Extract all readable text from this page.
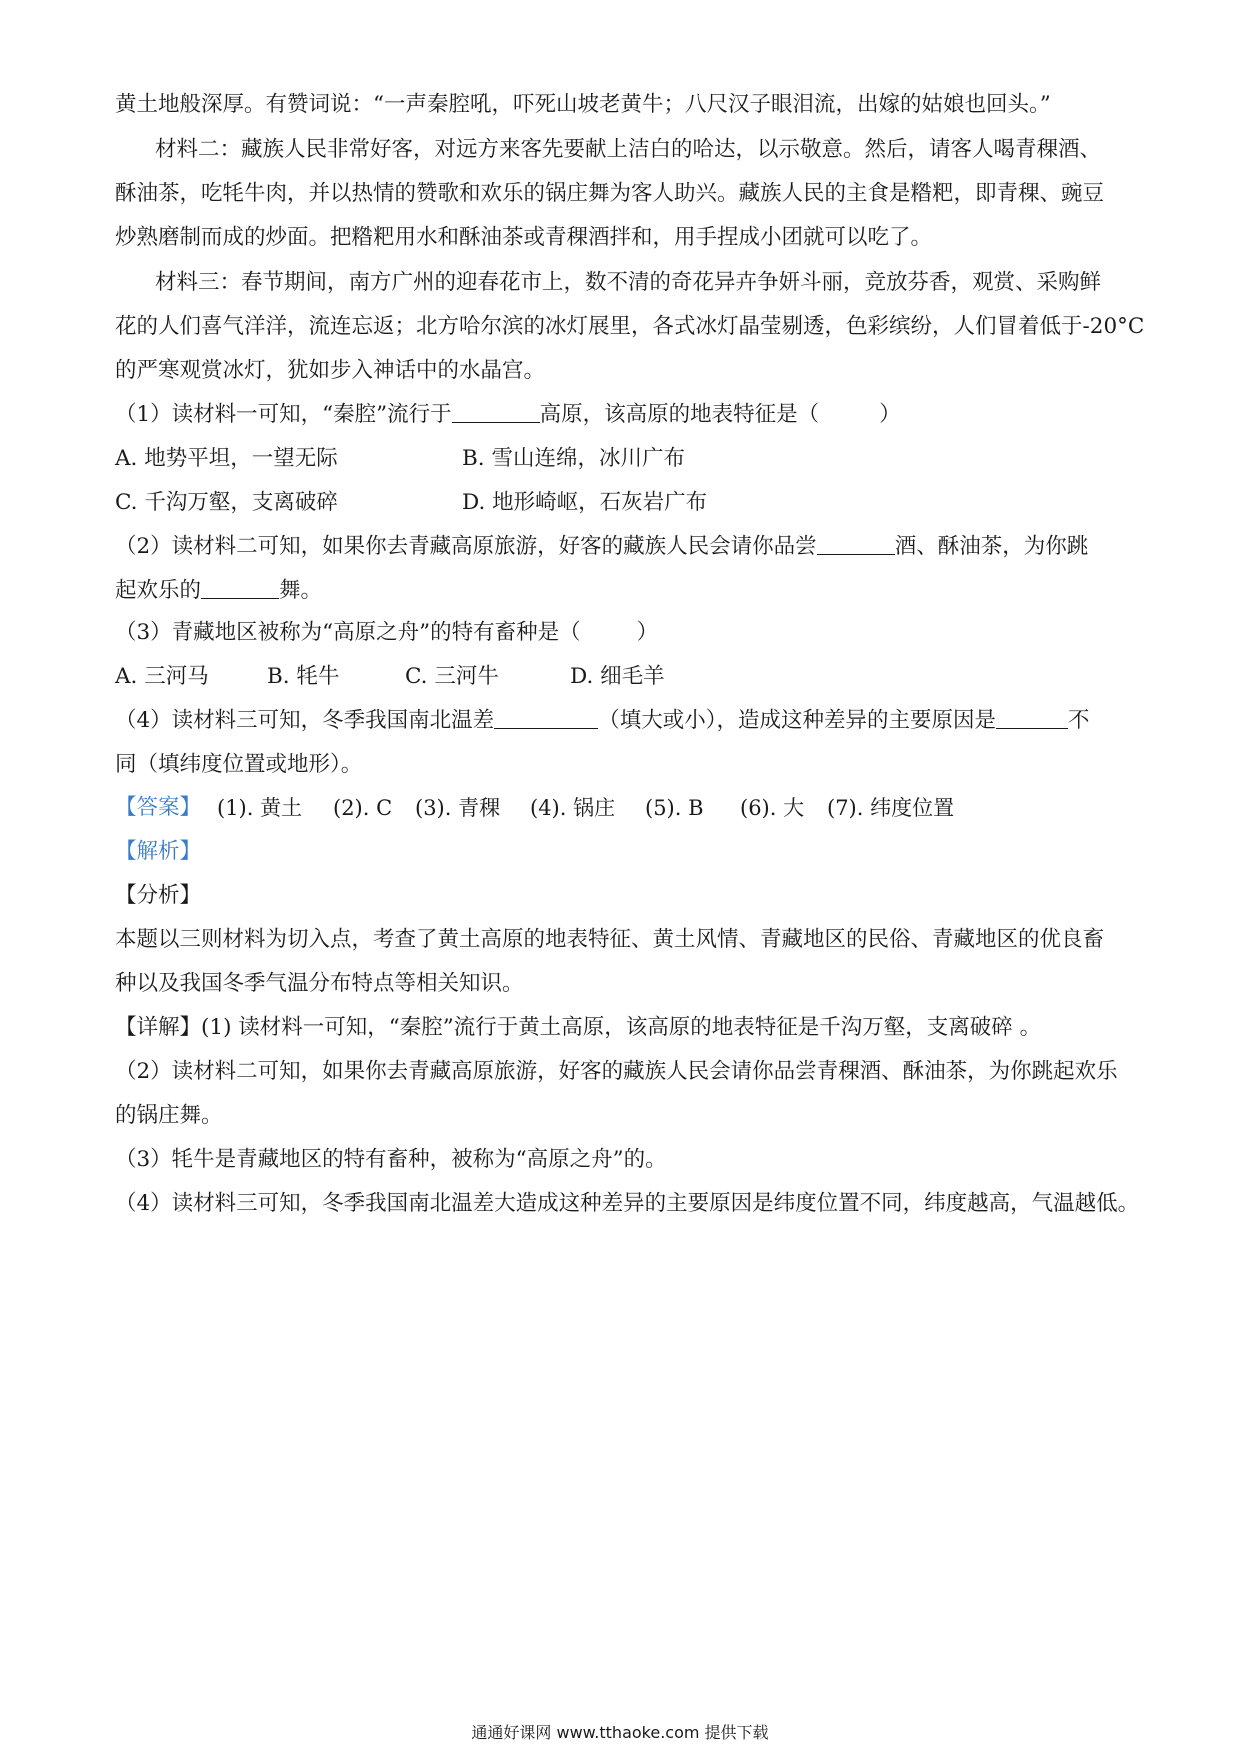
黄土地般深厚。有赞词说：“一声秦腔吼，吓死山坡老黄牛；八尺汉子眼泪流，出嫁的姑娘也回头。”
材料二：藏族人民非常好客，对远方来客先要献上洁白的哈达，以示敬意。然后，请客人喝青稞酒、
酥油茶，吃牦牛肉，并以热情的赞歌和欢乐的锅庄舞为客人助兴。藏族人民的主食是糌粑，即青稞、豌豆
炒熟磨制而成的炒面。把糌粑用水和酥油茶或青稞酒拌和，用手捏成小团就可以吃了。
材料三：春节期间，南方广州的迎春花市上，数不清的奇花异卉争妍斗丽，竞放芬香，观赏、采购鲜
花的人们喜气洋洋，流连忘返；北方哈尔滨的冰灯展里，各式冰灯晶莹剔透，色彩缤纷，人们冒着低于-20°C
的严寒观赏冰灯，犹如步入神话中的水晶宫。
（1）读材料一可知，“秦腔”流行于	高原，该高原的地表特征是（	）
A. 地势平坦，一望无际	B. 雪山连绵，冰川广布
C. 千沟万壑，支离破碎	D. 地形崎岖，石灰岩广布
（2）读材料二可知，如果你去青藏高原旅游，好客的藏族人民会请你品尝	酒、酥油茶，为你跳
起欢乐的	舞。
（3）青藏地区被称为“高原之舟”的特有畜种是（	）
A. 三河马	B. 牦牛	C. 三河牛	D. 细毛羊
（4）读材料三可知，冬季我国南北温差	（填大或小），造成这种差异的主要原因是	不
同（填纬度位置或地形）。
【答案】 (1). 黄土 (2). C (3). 青稞 (4). 锅庄 (5). B (6). 大 (7). 纬度位置
【解析】
【分析】
本题以三则材料为切入点，考查了黄土高原的地表特征、黄土风情、青藏地区的民俗、青藏地区的优良畜
种以及我国冬季气温分布特点等相关知识。
【详解】(1) 读材料一可知，“秦腔”流行于黄土高原，该高原的地表特征是千沟万壑，支离破碎 。
（2）读材料二可知，如果你去青藏高原旅游，好客的藏族人民会请你品尝青稞酒、酥油茶，为你跳起欢乐
的锅庄舞。
（3）牦牛是青藏地区的特有畜种，被称为“高原之舟”的。
（4）读材料三可知，冬季我国南北温差大造成这种差异的主要原因是纬度位置不同，纬度越高，气温越低。
通通好课网 www.tthaoke.com 提供下载
